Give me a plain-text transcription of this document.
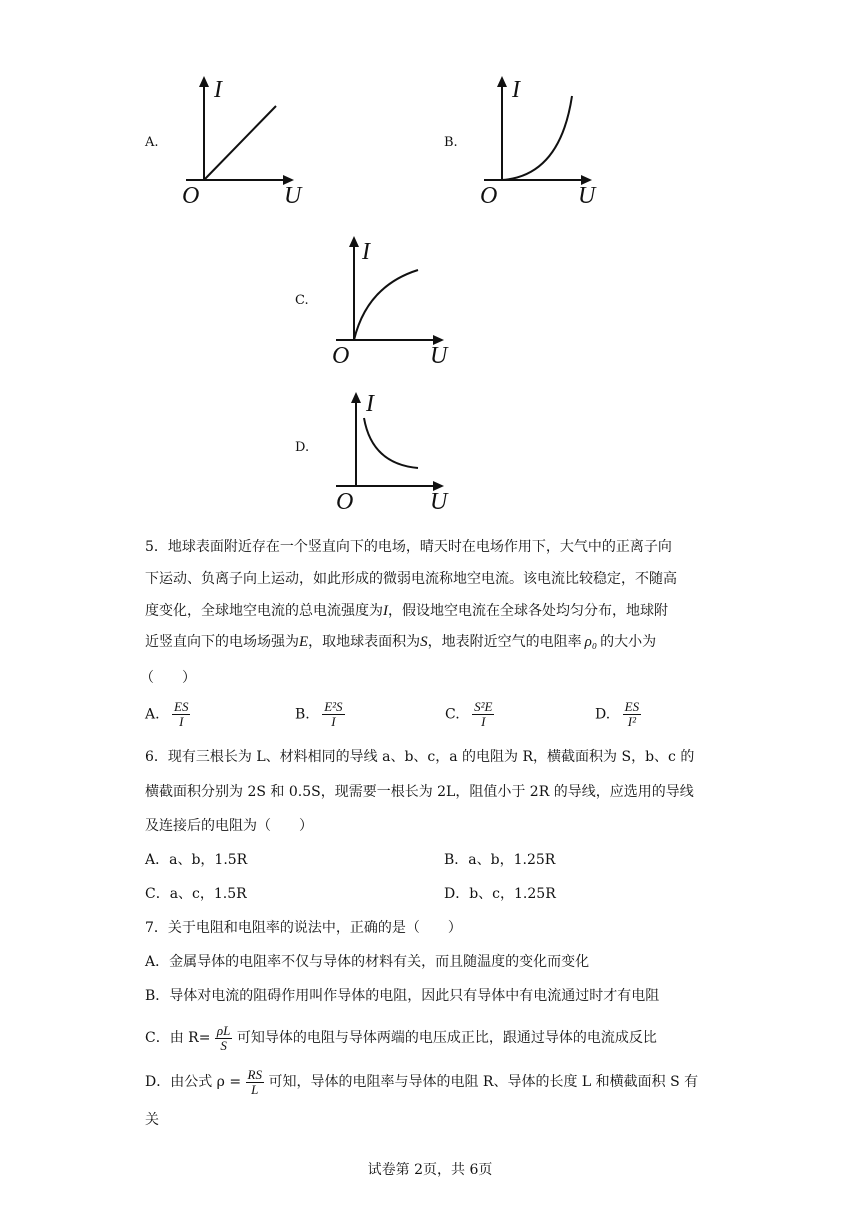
A.
I
U
O
B.
I
U
O
C.
I
U
O
D.
I
U
O
5．地球表面附近存在一个竖直向下的电场，晴天时在电场作用下，大气中的正离子向
下运动、负离子向上运动，如此形成的微弱电流称地空电流。该电流比较稳定，不随高
度变化，全球地空电流的总电流强度为I，假设地空电流在全球各处均匀分布，地球附
近竖直向下的电场场强为E，取地球表面积为S，地表附近空气的电阻率 ρ₀ 的大小为
（　　）
A. $\frac{ES}{I}$	B. $\frac{\text{E²S}}{I}$	C. $\frac{\text{S²E}}{I}$	D. $\frac{ES}{\text{I²}}$
6．现有三根长为 L、材料相同的导线 a、b、c，a 的电阻为 R，横截面积为 S，b、c 的
横截面积分别为 2S 和 0.5S，现需要一根长为 2L，阻值小于 2R 的导线，应选用的导线
及连接后的电阻为（　　）
A．a、b，1.5R	B．a、b，1.25R
C．a、c，1.5R	D．b、c，1.25R
7．关于电阻和电阻率的说法中，正确的是（　　）
A．金属导体的电阻率不仅与导体的材料有关，而且随温度的变化而变化
B．导体对电流的阻碍作用叫作导体的电阻，因此只有导体中有电流通过时才有电阻
C．由 $R= \frac{\rho L}{S}$ 可知导体的电阻与导体两端的电压成正比，跟通过导体的电流成反比
D．由公式 $\rho = \frac{RS}{L}$ 可知，导体的电阻率与导体的电阻 R、导体的长度 L 和横截面积 S 有
关
试卷第 2页，共 6页
